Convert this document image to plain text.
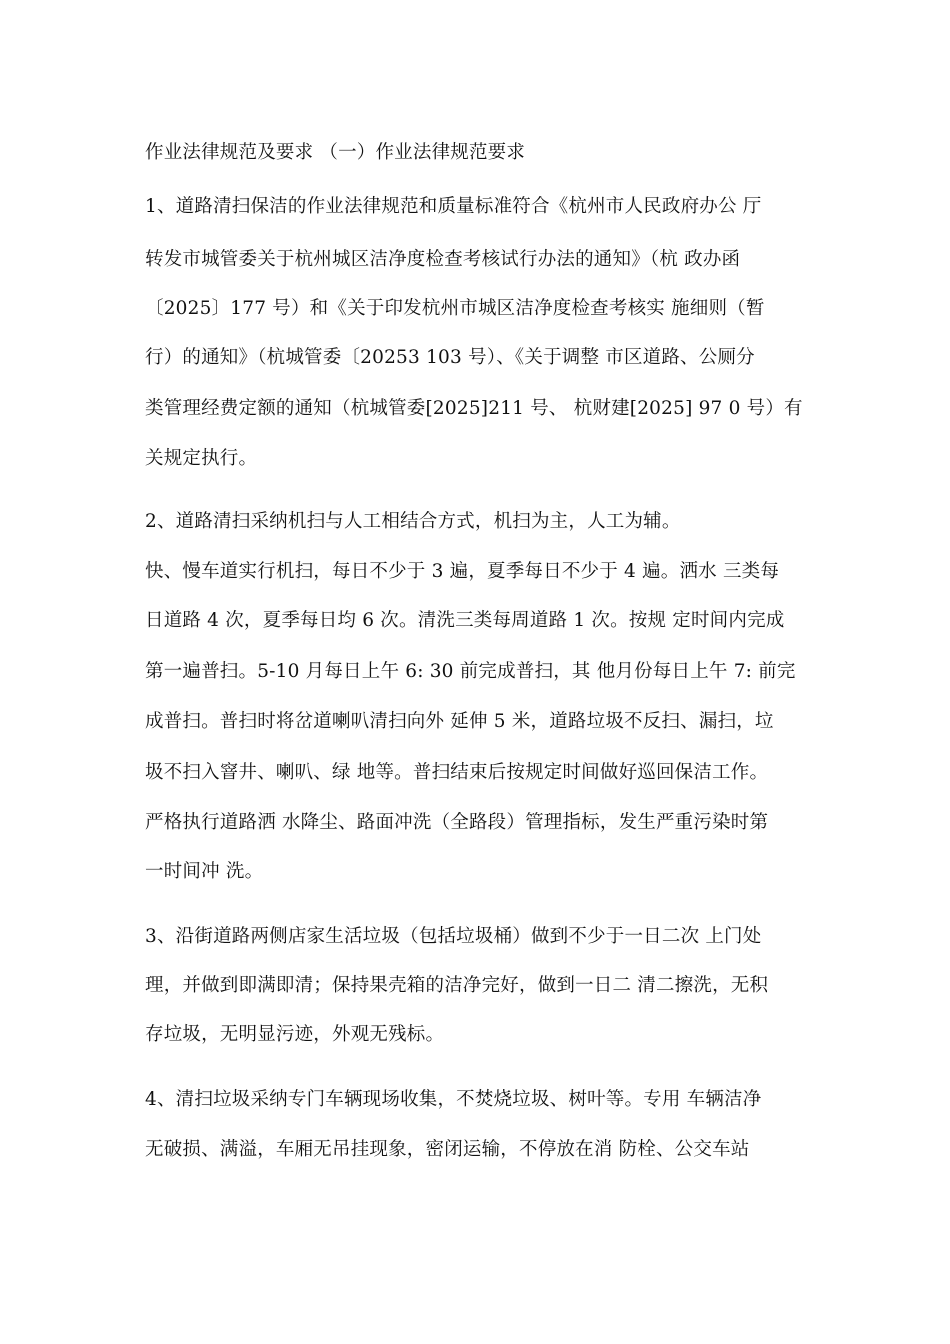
作业法律规范及要求 （一）作业法律规范要求
1、道路清扫保洁的作业法律规范和质量标准符合《杭州市人民政府办公 厅
转发市城管委关于杭州城区洁净度检查考核试行办法的通知》（杭 政办函
〔2025〕177 号）和《关于印发杭州市城区洁净度检查考核实 施细则（暂
行）的通知》（杭城管委〔20253 103 号）、《关于调整 市区道路、公厕分
类管理经费定额的通知（杭城管委[2025]211 号、 杭财建[2025] 97 0 号）有
关规定执行。
2、道路清扫采纳机扫与人工相结合方式，机扫为主，人工为辅。
快、慢车道实行机扫，每日不少于 3 遍，夏季每日不少于 4 遍。洒水 三类每
日道路 4 次，夏季每日均 6 次。清洗三类每周道路 1 次。按规 定时间内完成
第一遍普扫。5-10 月每日上午 6: 30 前完成普扫，其 他月份每日上午 7: 前完
成普扫。普扫时将岔道喇叭清扫向外 延伸 5 米，道路垃圾不反扫、漏扫，垃
圾不扫入窨井、喇叭、绿 地等。普扫结束后按规定时间做好巡回保洁工作。
严格执行道路洒 水降尘、路面冲洗（全路段）管理指标，发生严重污染时第
一时间冲 洗。
3、沿街道路两侧店家生活垃圾（包括垃圾桶）做到不少于一日二次 上门处
理，并做到即满即清；保持果壳箱的洁净完好，做到一日二 清二擦洗，无积
存垃圾，无明显污迹，外观无残标。
4、清扫垃圾采纳专门车辆现场收集，不焚烧垃圾、树叶等。专用 车辆洁净
无破损、满溢，车厢无吊挂现象，密闭运输，不停放在消 防栓、公交车站
